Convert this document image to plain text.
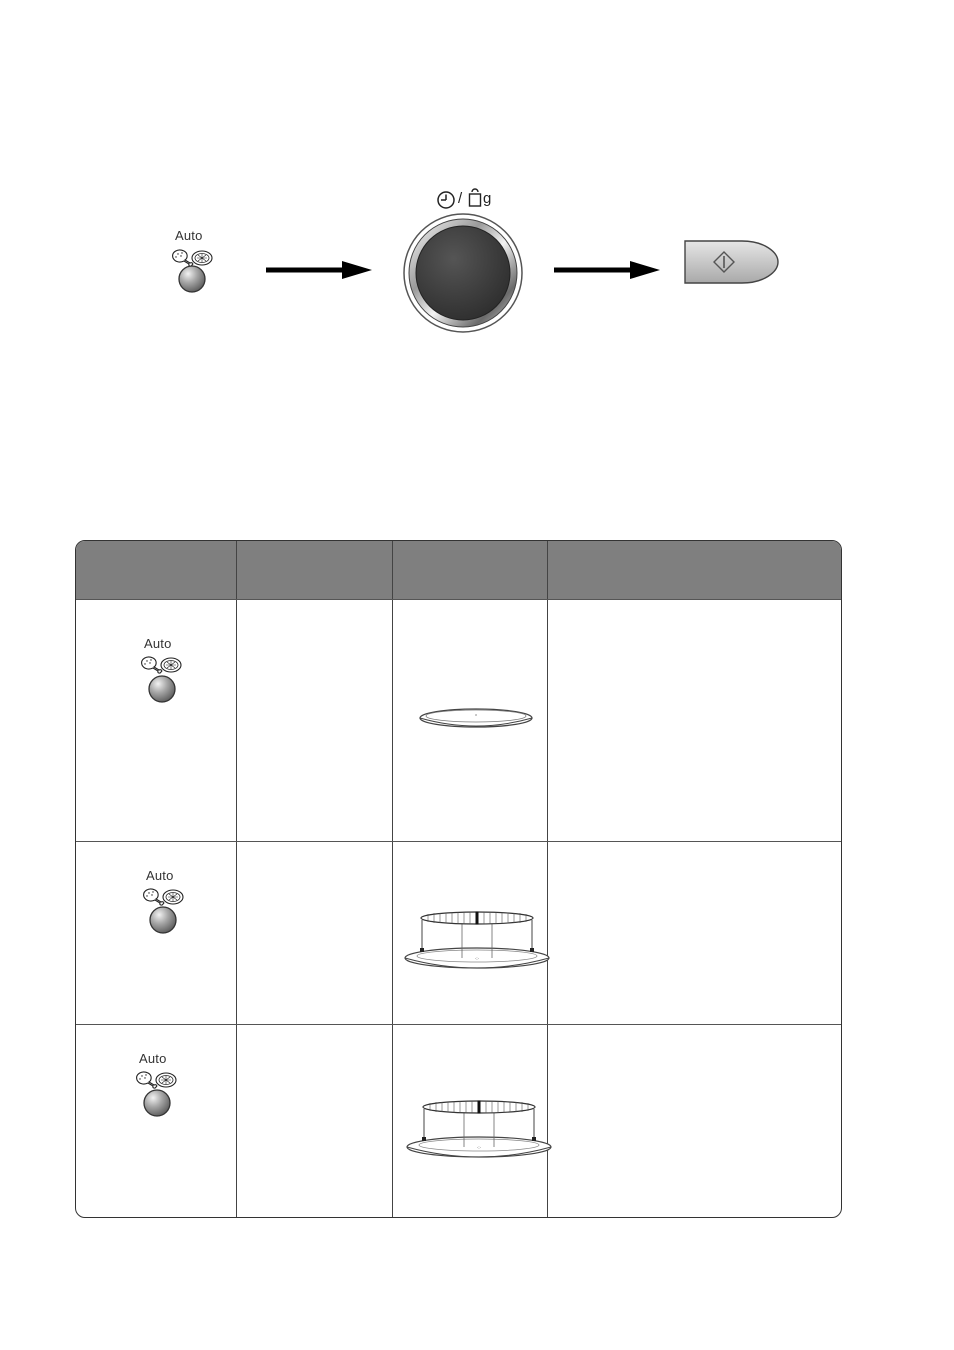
Auto
/ g
Auto
Auto
Auto
